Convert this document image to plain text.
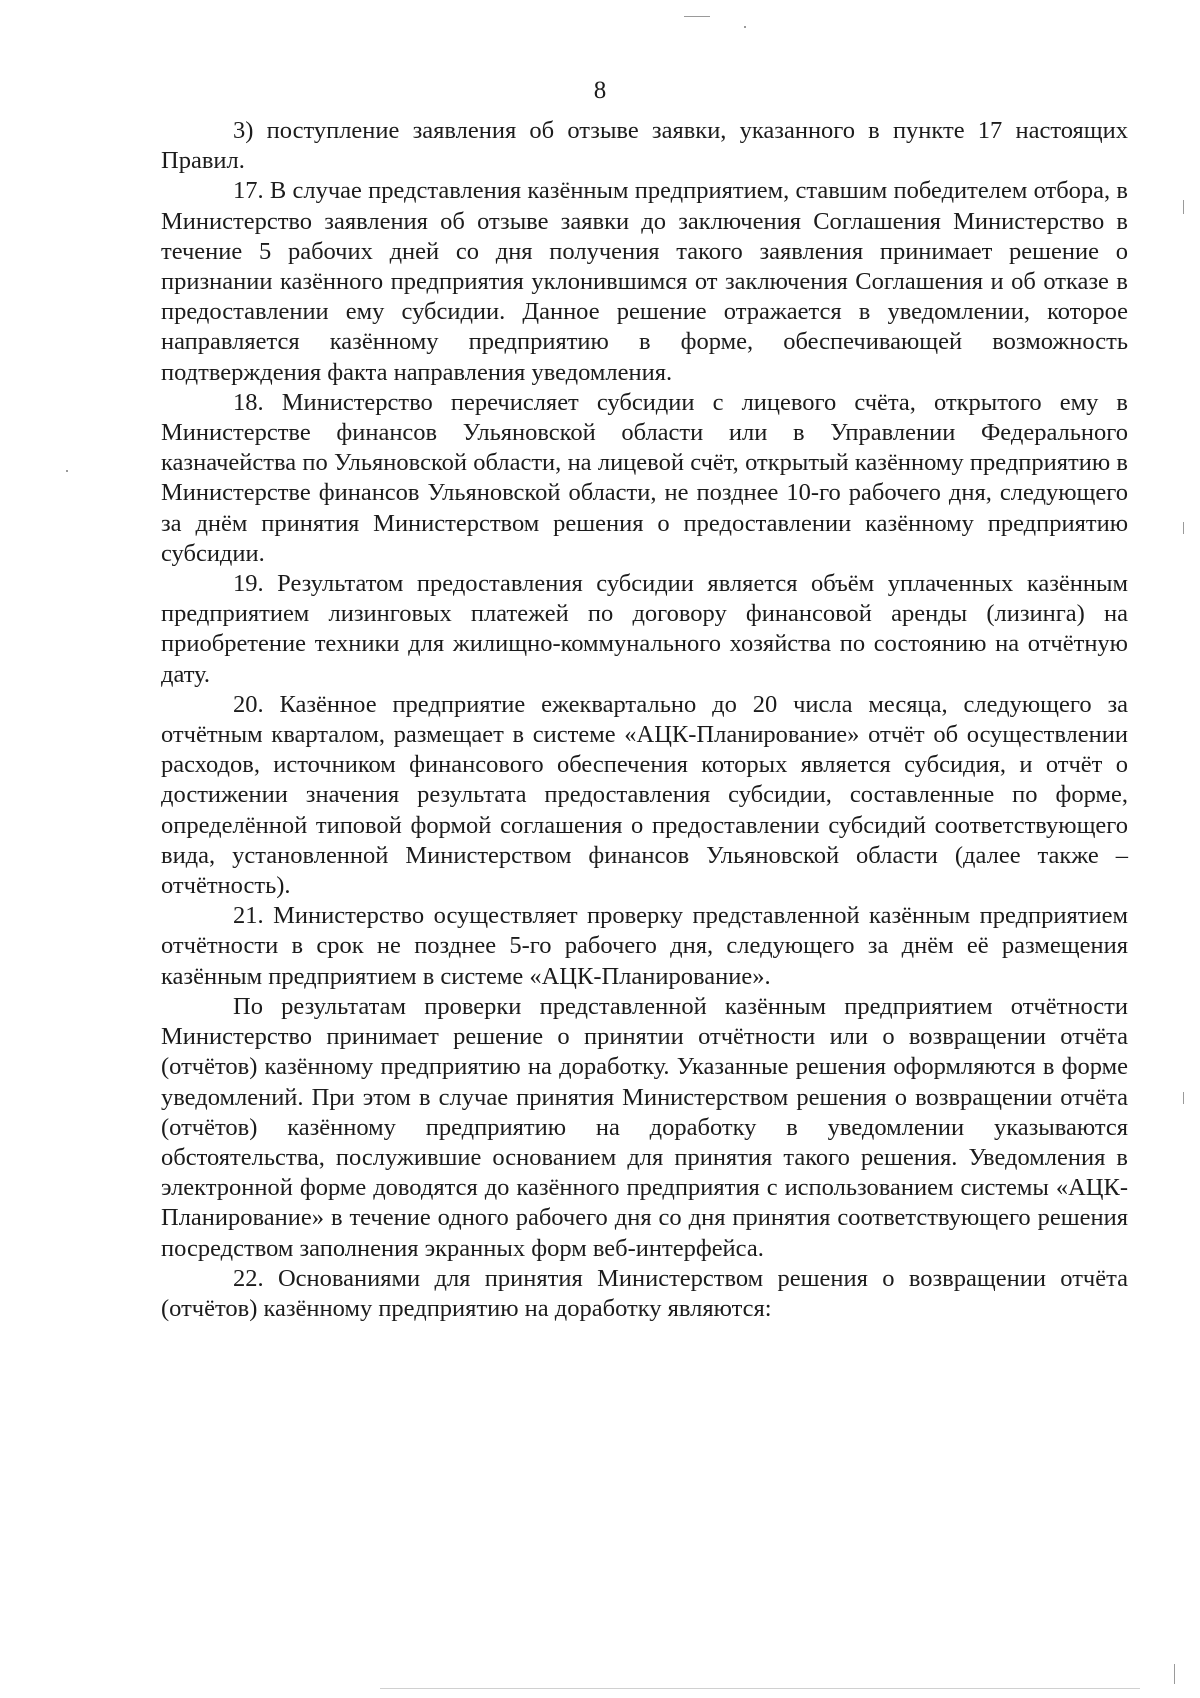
8

3) поступление заявления об отзыве заявки, указанного в пункте 17 настоящих Правил.

17. В случае представления казённым предприятием, ставшим победителем отбора, в Министерство заявления об отзыве заявки до заключения Соглашения Министерство в течение 5 рабочих дней со дня получения такого заявления принимает решение о признании казённого предприятия уклонившимся от заключения Соглашения и об отказе в предоставлении ему субсидии. Данное решение отражается в уведомлении, которое направляется казённому предприятию в форме, обеспечивающей возможность подтверждения факта направления уведомления.

18. Министерство перечисляет субсидии с лицевого счёта, открытого ему в Министерстве финансов Ульяновской области или в Управлении Федерального казначейства по Ульяновской области, на лицевой счёт, открытый казённому предприятию в Министерстве финансов Ульяновской области, не позднее 10-го рабочего дня, следующего за днём принятия Министерством решения о предоставлении казённому предприятию субсидии.

19. Результатом предоставления субсидии является объём уплаченных казённым предприятием лизинговых платежей по договору финансовой аренды (лизинга) на приобретение техники для жилищно-коммунального хозяйства по состоянию на отчётную дату.

20. Казённое предприятие ежеквартально до 20 числа месяца, следующего за отчётным кварталом, размещает в системе «АЦК-Планирование» отчёт об осуществлении расходов, источником финансового обеспечения которых является субсидия, и отчёт о достижении значения результата предоставления субсидии, составленные по форме, определённой типовой формой соглашения о предоставлении субсидий соответствующего вида, установленной Министерством финансов Ульяновской области (далее также – отчётность).

21. Министерство осуществляет проверку представленной казённым предприятием отчётности в срок не позднее 5-го рабочего дня, следующего за днём её размещения казённым предприятием в системе «АЦК-Планирование».

По результатам проверки представленной казённым предприятием отчётности Министерство принимает решение о принятии отчётности или о возвращении отчёта (отчётов) казённому предприятию на доработку. Указанные решения оформляются в форме уведомлений. При этом в случае принятия Министерством решения о возвращении отчёта (отчётов) казённому предприятию на доработку в уведомлении указываются обстоятельства, послужившие основанием для принятия такого решения. Уведомления в электронной форме доводятся до казённого предприятия с использованием системы «АЦК-Планирование» в течение одного рабочего дня со дня принятия соответствующего решения посредством заполнения экранных форм веб-интерфейса.

22. Основаниями для принятия Министерством решения о возвращении отчёта (отчётов) казённому предприятию на доработку являются:
